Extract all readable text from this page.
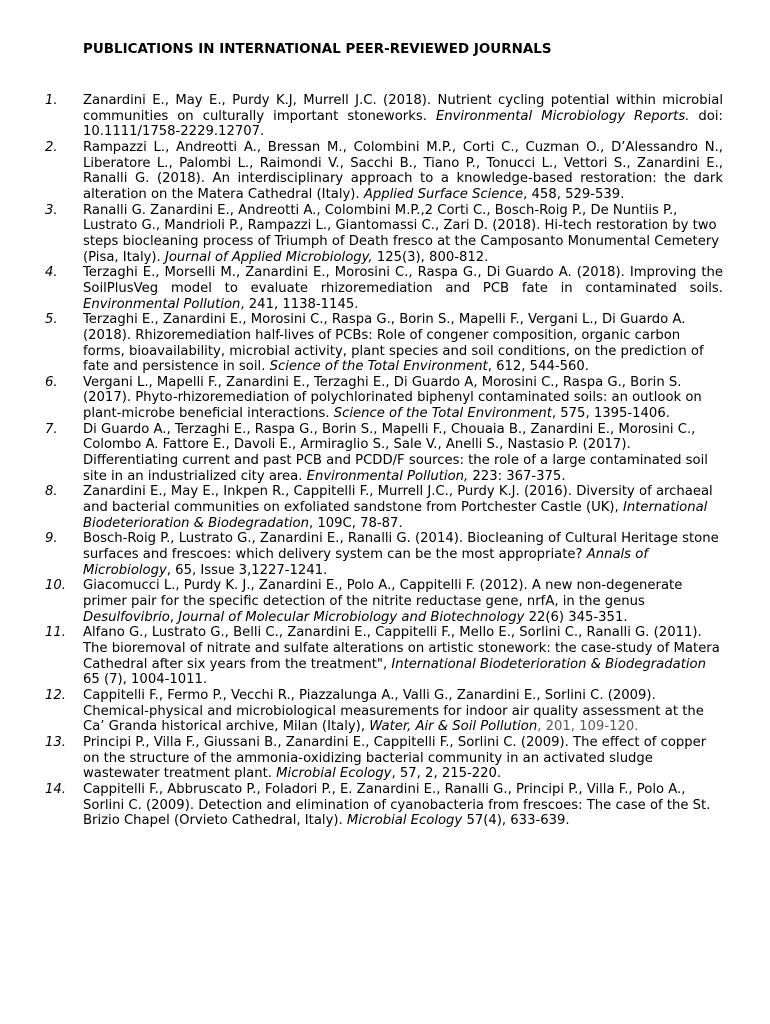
PUBLICATIONS IN INTERNATIONAL PEER-REVIEWED JOURNALS
1. Zanardini E., May E., Purdy K.J, Murrell J.C. (2018). Nutrient cycling potential within microbial communities on culturally important stoneworks. Environmental Microbiology Reports. doi: 10.1111/1758-2229.12707.
2. Rampazzi L., Andreotti A., Bressan M., Colombini M.P., Corti C., Cuzman O., D’Alessandro N., Liberatore L., Palombi L., Raimondi V., Sacchi B., Tiano P., Tonucci L., Vettori S., Zanardini E., Ranalli G. (2018). An interdisciplinary approach to a knowledge-based restoration: the dark alteration on the Matera Cathedral (Italy). Applied Surface Science, 458, 529-539.
3. Ranalli G. Zanardini E., Andreotti A., Colombini M.P.,2 Corti C., Bosch-Roig P., De Nuntiis P., Lustrato G., Mandrioli P., Rampazzi L., Giantomassi C., Zari D. (2018). Hi-tech restoration by two steps biocleaning process of Triumph of Death fresco at the Camposanto Monumental Cemetery (Pisa, Italy). Journal of Applied Microbiology, 125(3), 800-812.
4. Terzaghi E., Morselli M., Zanardini E., Morosini C., Raspa G., Di Guardo A. (2018). Improving the SoilPlusVeg model to evaluate rhizoremediation and PCB fate in contaminated soils. Environmental Pollution, 241, 1138-1145.
5. Terzaghi E., Zanardini E., Morosini C., Raspa G., Borin S., Mapelli F., Vergani L., Di Guardo A. (2018). Rhizoremediation half-lives of PCBs: Role of congener composition, organic carbon forms, bioavailability, microbial activity, plant species and soil conditions, on the prediction of fate and persistence in soil. Science of the Total Environment, 612, 544-560.
6. Vergani L., Mapelli F., Zanardini E., Terzaghi E., Di Guardo A, Morosini C., Raspa G., Borin S. (2017). Phyto-rhizoremediation of polychlorinated biphenyl contaminated soils: an outlook on plant-microbe beneficial interactions. Science of the Total Environment, 575, 1395-1406.
7. Di Guardo A., Terzaghi E., Raspa G., Borin S., Mapelli F., Chouaia B., Zanardini E., Morosini C., Colombo A. Fattore E., Davoli E., Armiraglio S., Sale V., Anelli S., Nastasio P. (2017). Differentiating current and past PCB and PCDD/F sources: the role of a large contaminated soil site in an industrialized city area. Environmental Pollution, 223: 367-375.
8. Zanardini E., May E., Inkpen R., Cappitelli F., Murrell J.C., Purdy K.J. (2016). Diversity of archaeal and bacterial communities on exfoliated sandstone from Portchester Castle (UK), International Biodeterioration & Biodegradation, 109C, 78-87.
9. Bosch-Roig P., Lustrato G., Zanardini E., Ranalli G. (2014). Biocleaning of Cultural Heritage stone surfaces and frescoes: which delivery system can be the most appropriate? Annals of Microbiology, 65, Issue 3,1227-1241.
10. Giacomucci L., Purdy K. J., Zanardini E., Polo A., Cappitelli F. (2012). A new non-degenerate primer pair for the specific detection of the nitrite reductase gene, nrfA, in the genus Desulfovibrio, Journal of Molecular Microbiology and Biotechnology 22(6) 345-351.
11. Alfano G., Lustrato G., Belli C., Zanardini E., Cappitelli F., Mello E., Sorlini C., Ranalli G. (2011). The bioremoval of nitrate and sulfate alterations on artistic stonework: the case-study of Matera Cathedral after six years from the treatment", International Biodeterioration & Biodegradation 65 (7), 1004-1011.
12. Cappitelli F., Fermo P., Vecchi R., Piazzalunga A., Valli G., Zanardini E., Sorlini C. (2009). Chemical-physical and microbiological measurements for indoor air quality assessment at the Ca’ Granda historical archive, Milan (Italy), Water, Air & Soil Pollution, 201, 109-120.
13. Principi P., Villa F., Giussani B., Zanardini E., Cappitelli F., Sorlini C. (2009). The effect of copper on the structure of the ammonia-oxidizing bacterial community in an activated sludge wastewater treatment plant. Microbial Ecology, 57, 2, 215-220.
14. Cappitelli F., Abbruscato P., Foladori P., E. Zanardini E., Ranalli G., Principi P., Villa F., Polo A., Sorlini C. (2009). Detection and elimination of cyanobacteria from frescoes: The case of the St. Brizio Chapel (Orvieto Cathedral, Italy). Microbial Ecology 57(4), 633-639.
